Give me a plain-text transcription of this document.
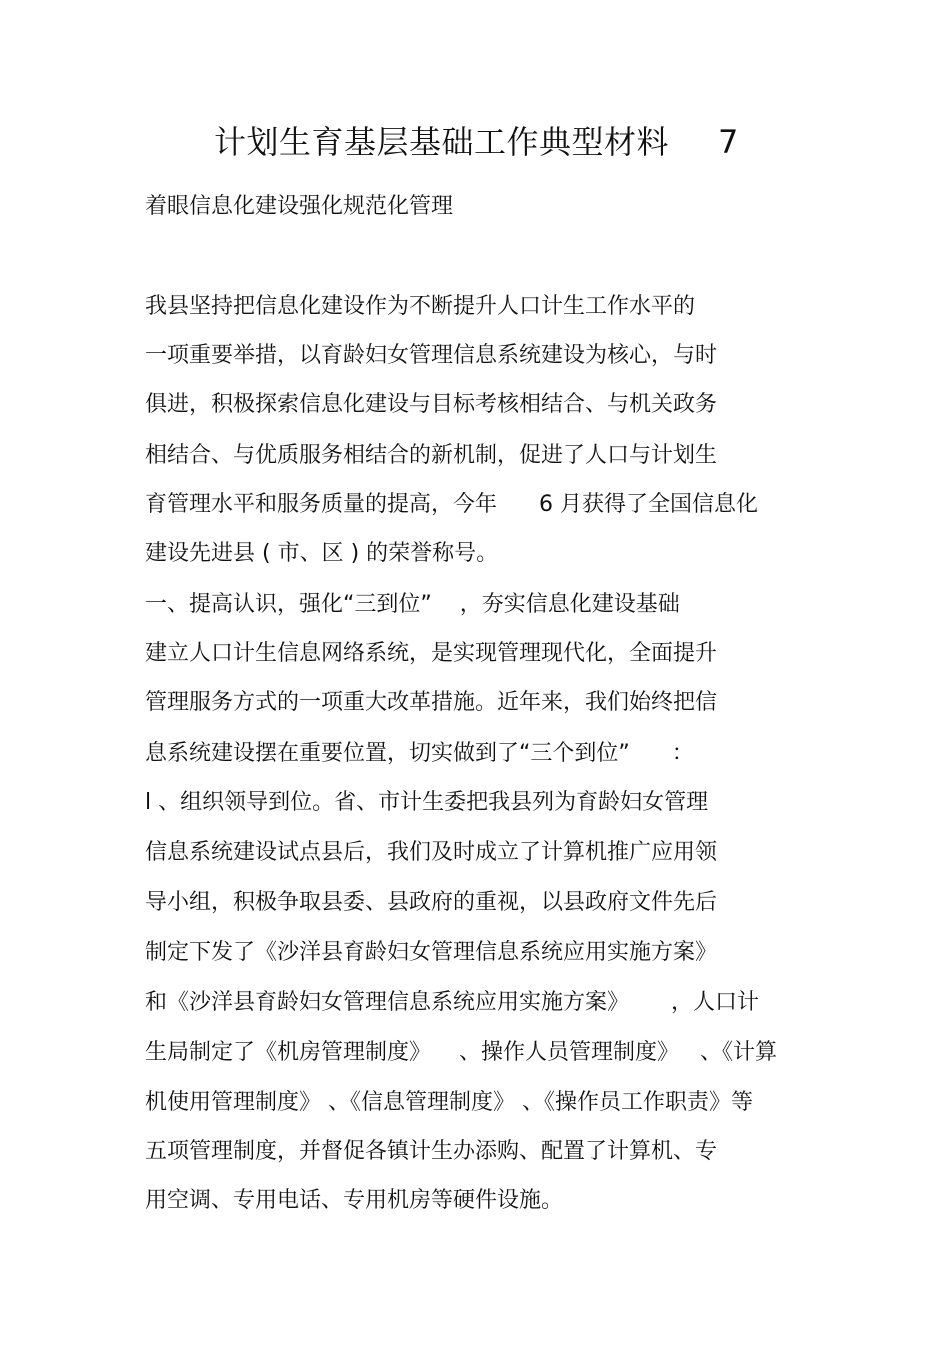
计划生育基层基础工作典型材料 7
着眼信息化建设强化规范化管理
我县坚持把信息化建设作为不断提升人口计生工作水平的
一项重要举措，以育龄妇女管理信息系统建设为核心，与时
俱进，积极探索信息化建设与目标考核相结合、与机关政务
相结合、与优质服务相结合的新机制，促进了人口与计划生
育管理水平和服务质量的提高，今年      6 月获得了全国信息化
建设先进县 ( 市、区 ) 的荣誉称号。
一、提高认识，强化“三到位”    ，夯实信息化建设基础
建立人口计生信息网络系统，是实现管理现代化，全面提升
管理服务方式的一项重大改革措施。近年来，我们始终把信
息系统建设摆在重要位置，切实做到了“三个到位”      ：
l 、组织领导到位。省、市计生委把我县列为育龄妇女管理
信息系统建设试点县后，我们及时成立了计算机推广应用领
导小组，积极争取县委、县政府的重视，以县政府文件先后
制定下发了《沙洋县育龄妇女管理信息系统应用实施方案》
和《沙洋县育龄妇女管理信息系统应用实施方案》      ，人口计
生局制定了《机房管理制度》    、操作人员管理制度》   、《计算
机使用管理制度》 、《信息管理制度》 、《操作员工作职责》等
五项管理制度，并督促各镇计生办添购、配置了计算机、专
用空调、专用电话、专用机房等硬件设施。
